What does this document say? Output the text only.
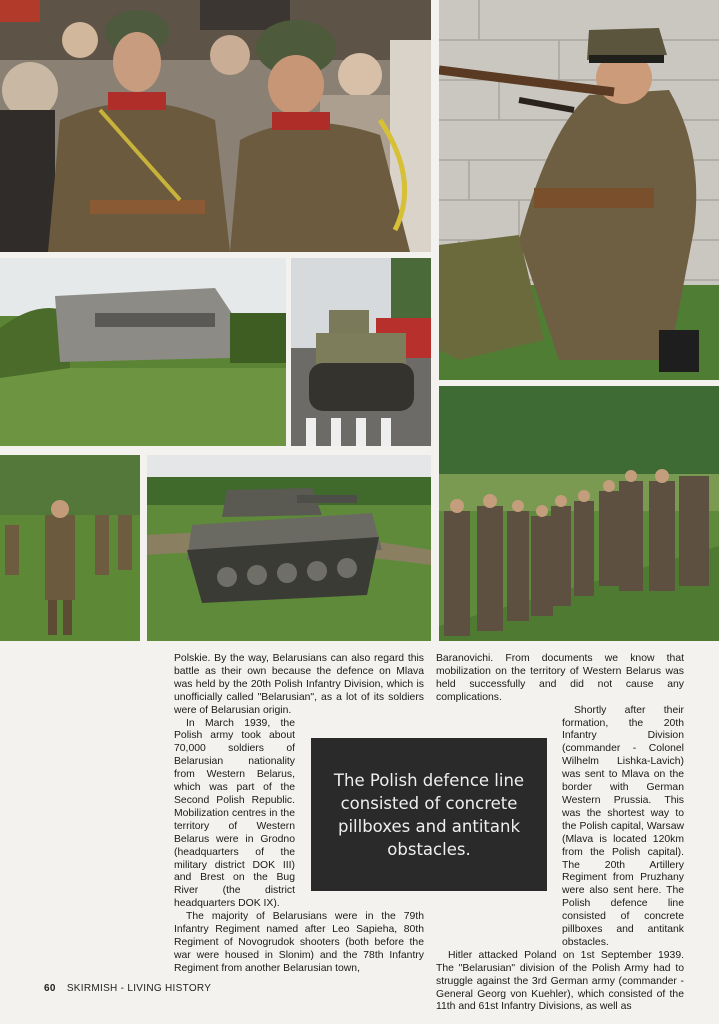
Polskie. By the way, Belarusians can also regard this battle as their own because the defence on Mlava was held by the 20th Polish Infantry Division, which is unofficially called "Belarusian", as a lot of its soldiers were of Belarusian origin.

In March 1939, the Polish army took about 70,000 soldiers of Belarusian nationality from Western Belarus, which was part of the Second Polish Republic. Mobilization centres in the territory of Western Belarus were in Grodno (headquarters of the military district DOK III) and Brest on the Bug River (the district headquarters DOK IX).

The majority of Belarusians were in the 79th Infantry Regiment named after Leo Sapieha, 80th Regiment of Novogrudok shooters (both before the war were housed in Slonim) and the 78th Infantry Regiment from another Belarusian town,

Baranovichi. From documents we know that mobilization on the territory of Western Belarus was held successfully and did not cause any complications.

Shortly after their formation, the 20th Infantry Division (commander - Colonel Wilhelm Lishka-Lavich) was sent to Mlava on the border with German Western Prussia. This was the shortest way to the Polish capital, Warsaw (Mlava is located 120km from the Polish capital). The 20th Artillery Regiment from Pruzhany were also sent here. The Polish defence line consisted of concrete pillboxes and antitank obstacles.

Hitler attacked Poland on 1st September 1939. The "Belarusian" division of the Polish Army had to struggle against the 3rd German army (commander - General Georg von Kuehler), which consisted of the 11th and 61st Infantry Divisions, as well as

The Polish defence line consisted of concrete pillboxes and antitank obstacles.
60 SKIRMISH - LIVING HISTORY
